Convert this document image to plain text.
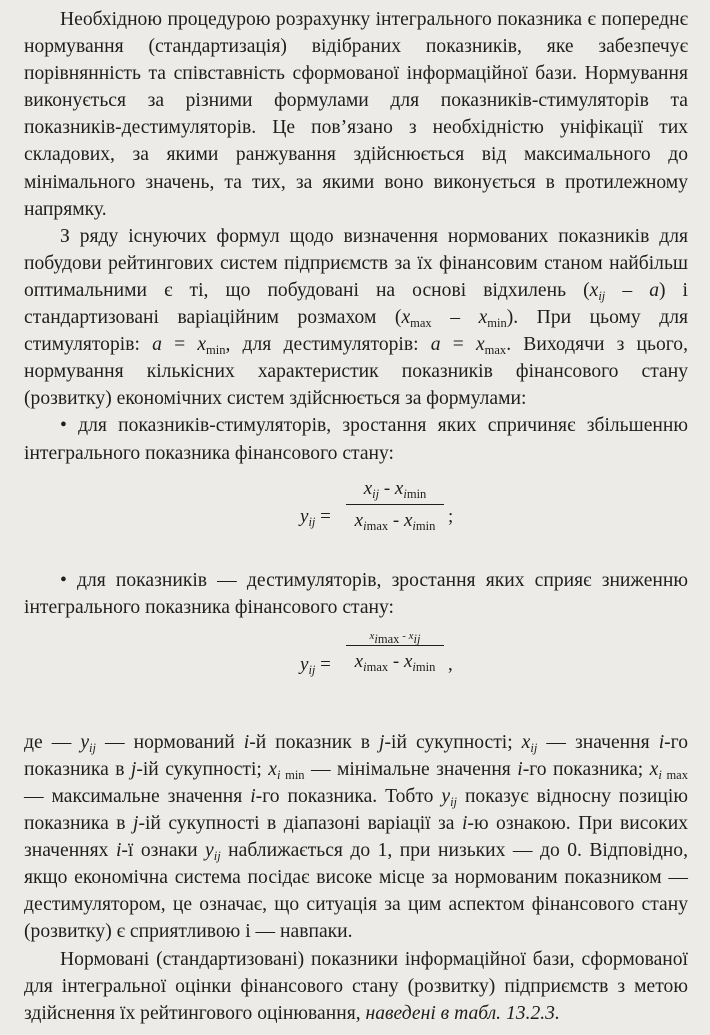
Необхідною процедурою розрахунку інтегрального показника є попереднє нормування (стандартизація) відібраних показників, яке забезпечує порівнянність та співставність сформованої інформаційної бази. Нормування виконується за різними формулами для показників-стимуляторів та показників-дестимуляторів. Це пов’язано з необхідністю уніфікації тих складових, за якими ранжування здійснюється від максимального до мінімального значень, та тих, за якими воно виконується в протилежному напрямку.

З ряду існуючих формул щодо визначення нормованих показників для побудови рейтингових систем підприємств за їх фінансовим станом найбільш оптимальними є ті, що побудовані на основі відхилень $(x_{ij} - a)$ і стандартизовані варіаційним розмахом $(x_{max} - x_{min})$. При цьому для стимуляторів: $a = x_{min}$, для дестимуляторів: $a = x_{max}$. Виходячи з цього, нормування кількісних характеристик показників фінансового стану (розвитку) економічних систем здійснюється за формулами:

• для показників-стимуляторів, зростання яких спричиняє збільшенню інтегрального показника фінансового стану:

$y_{ij}$ =
$x_{ij} - x_{imin}$
$x_{imax} - x_{imin}$ ;

• для показників — дестимуляторів, зростання яких сприяє зниженню інтегрального показника фінансового стану:

$y_{ij}$ =
$x_{imax} - x_{ij}$
$x_{imax} - x_{imin}$ ,

де — $y_{ij}$ — нормований i-й показник в j-ій сукупності; $x_{ij}$ — значення i-го показника в j-ій сукупності; $x_i$ $_{min}$ — мінімальне значення i-го показника; $x_i$ $_{max}$ — максимальне значення i-го показника. Тобто $y_{ij}$ показує відносну позицію показника в j-ій сукупності в діапазоні варіації за i-ю ознакою. При високих значеннях i-ї ознаки $y_{ij}$ наближається до 1, при низьких — до 0. Відповідно, якщо економічна система посідає високе місце за нормованим показником — дестимулятором, це означає, що ситуація за цим аспектом фінансового стану (розвитку) є сприятливою і — навпаки.

Нормовані (стандартизовані) показники інформаційної бази, сформованої для інтегральної оцінки фінансового стану (розвитку) підприємств з метою здійснення їх рейтингового оцінювання, наведені в табл. 13.2.3.
